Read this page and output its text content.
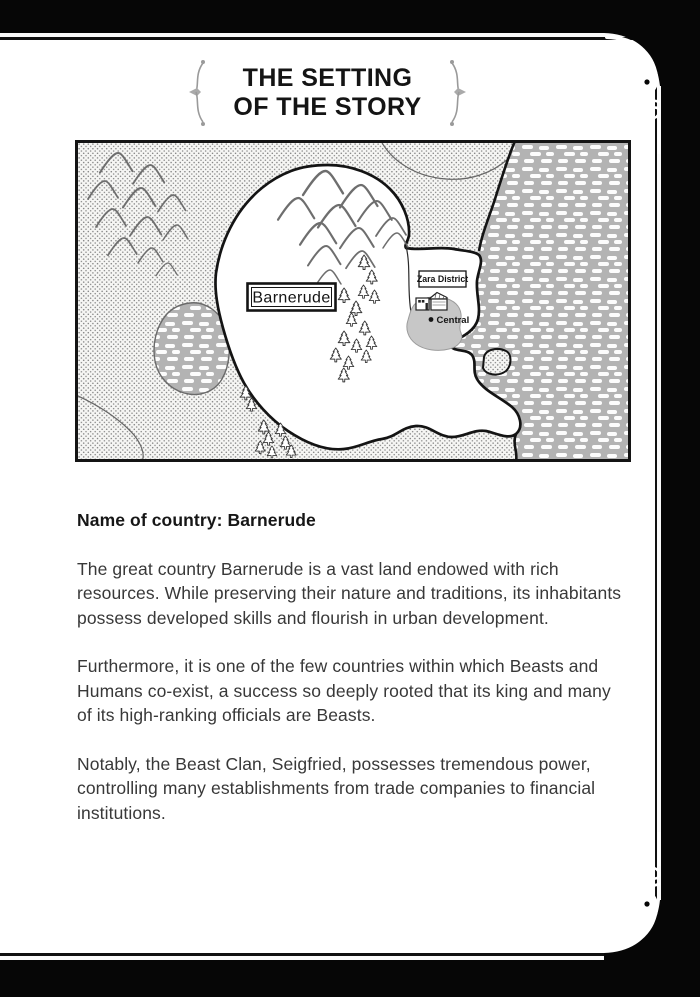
THE SETTING
OF THE STORY
Barnerude
Zara District
Central

Name of country: Barnerude

The great country Barnerude is a vast land endowed with rich resources. While preserving their nature and traditions, its inhabitants possess developed skills and flourish in urban development.

Furthermore, it is one of the few countries within which Beasts and Humans co-exist, a success so deeply rooted that its king and many of its high-ranking officials are Beasts.

Notably, the Beast Clan, Seigfried, possesses tremendous power, controlling many establishments from trade companies to financial institutions.
